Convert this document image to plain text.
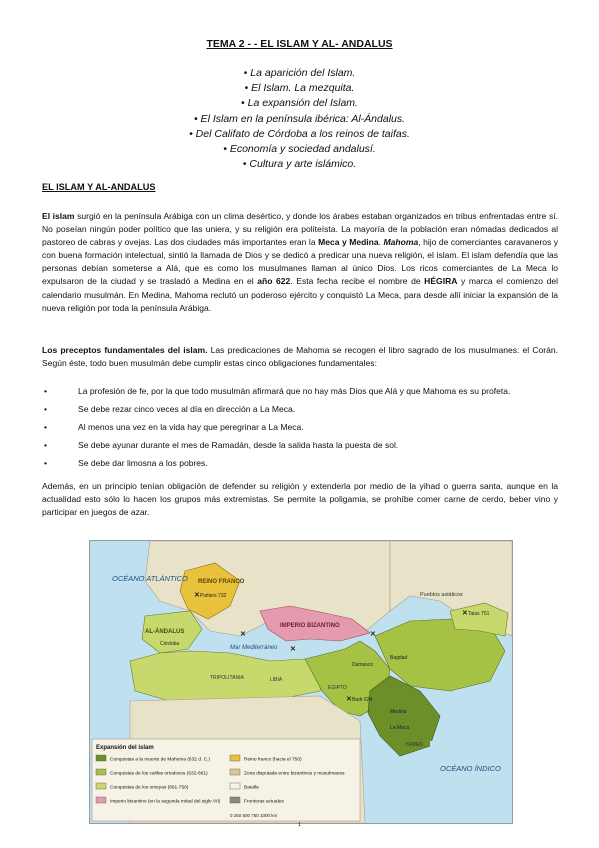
TEMA 2 - - EL ISLAM Y AL- ANDALUS
• La aparición del Islam.
• El Islam. La mezquita.
• La expansión del Islam.
• El Islam en la península ibérica: Al-Ándalus.
• Del Califato de Córdoba a los reinos de taifas.
• Economía y sociedad andalusí.
• Cultura y arte islámico.
EL ISLAM Y AL-ANDALUS
El islam surgió en la península Arábiga con un clima desértico, y donde los árabes estaban organizados en tribus enfrentadas entre sí. No poseían ningún poder político que las uniera, y su religión era politeísta. La mayoría de la población eran nómadas dedicados al pastoreo de cabras y ovejas. Las dos ciudades más importantes eran la Meca y Medina. Mahoma, hijo de comerciantes caravaneros y con buena formación intelectual, sintió la llamada de Dios y se dedicó a predicar una nueva religión, el islam. El islam defendía que las personas debían someterse a Alá, que es como los musulmanes llaman al único Dios. Los ricos comerciantes de La Meca lo expulsaron de la ciudad y se trasladó a Medina en el año 622. Esta fecha recibe el nombre de HÉGIRA y marca el comienzo del calendario musulmán. En Medina, Mahoma reclutó un poderoso ejército y conquistó La Meca, para desde allí iniciar la expansión de la nueva religión por toda la península Arábiga.
Los preceptos fundamentales del islam. Las predicaciones de Mahoma se recogen el libro sagrado de los musulmanes: el Corán. Según éste, todo buen musulmán debe cumplir estas cinco obligaciones fundamentales:
• La profesión de fe, por la que todo musulmán afirmará que no hay más Dios que Alá y que Mahoma es su profeta.
• Se debe rezar cinco veces al día en dirección a La Meca.
• Al menos una vez en la vida hay que peregrinar a La Meca.
• Se debe ayunar durante el mes de Ramadán, desde la salida hasta la puesta de sol.
• Se debe dar limosna a los pobres.
Además, en un principio tenían obligación de defender su religión y extenderla por medio de la yihad o guerra santa, aunque en la actualidad esto sólo lo hacen los grupos más extremistas. Se permite la poligamia, se prohíbe comer carne de cerdo, beber vino y participar en juegos de azar.
OCÉANO ATLÁNTICO REINO FRANCO
AL-ÁNDALUS
IMPERIO BIZANTINO
Mar Mediterráneo
OCÉANO ÍNDICO
Pueblos asiáticos
Talas 751
Poitiers 732
Córdoba
Damasco
Medina
La Meca
Bagdad
LIBIA
EGIPTO
TRIPOLITANIA
YEMEN
Badr 624
✕
✕
✕
✕
✕
✕
Expansión del islam
Conquistas a la muerte de Mahoma (632 d. C.)
Conquistas de los califas ortodoxos (632-661)
Conquistas de los omeyas (661-750)
Imperio bizantino (en la segunda mitad del siglo VII)
Reino franco (hacia el 750)
Zona disputada entre bizantinos y musulmanes
Batalla
Fronteras actuales
0 250 500 750 1000 km
1
